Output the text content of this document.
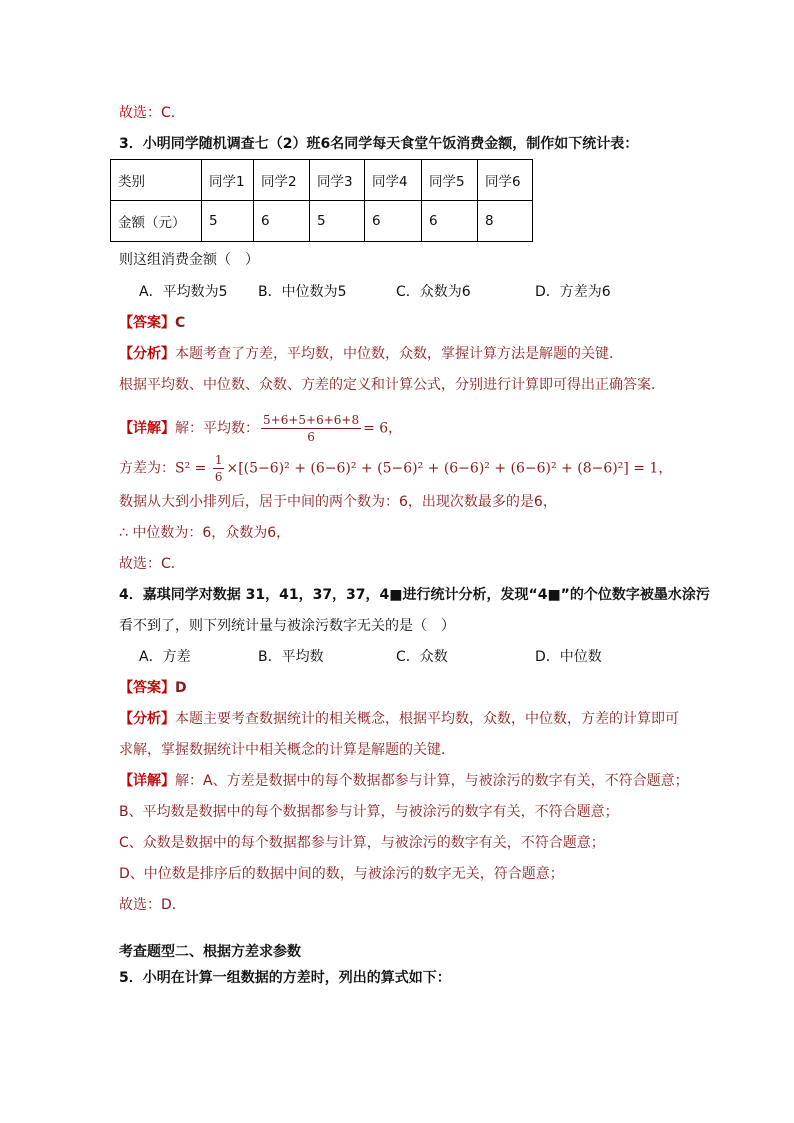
故选：C．
3．小明同学随机调查七（2）班6名同学每天食堂午饭消费金额，制作如下统计表：
类别	同学1	同学2	同学3	同学4	同学5	同学6
金额（元）	5	6	5	6	6	8
则这组消费金额（　）
A．平均数为5 B．中位数为5	C．众数为6	D．方差为6
【答案】C
【分析】本题考查了方差，平均数，中位数，众数，掌握计算方法是解题的关键．
根据平均数、中位数、众数、方差的定义和计算公式，分别进行计算即可得出正确答案．
【详解】解：平均数： $\frac{5+6+5+6+6+8}{6} = 6$，
方差为：$S^2 = \frac{1}{6} \times[(5-6)^2 + (6-6)^2 + (5-6)^2 + (6-6)^2 + (6-6)^2 + (8-6)^2] = 1$，
数据从大到小排列后，居于中间的两个数为：6，出现次数最多的是6，
∴ 中位数为：6，众数为6，
故选：C．
4．嘉琪同学对数据 31，41，37，37，4■进行统计分析，发现“4■”的个位数字被墨水涂污
看不到了，则下列统计量与被涂污数字无关的是（　）
A．方差	B．平均数	C．众数	D．中位数
【答案】D
【分析】本题主要考查数据统计的相关概念，根据平均数，众数，中位数，方差的计算即可
求解，掌握数据统计中相关概念的计算是解题的关键．
【详解】解：A、方差是数据中的每个数据都参与计算，与被涂污的数字有关，不符合题意；
B、平均数是数据中的每个数据都参与计算，与被涂污的数字有关，不符合题意；
C、众数是数据中的每个数据都参与计算，与被涂污的数字有关，不符合题意；
D、中位数是排序后的数据中间的数，与被涂污的数字无关，符合题意；
故选：D．
考查题型二、根据方差求参数
5．小明在计算一组数据的方差时，列出的算式如下：
